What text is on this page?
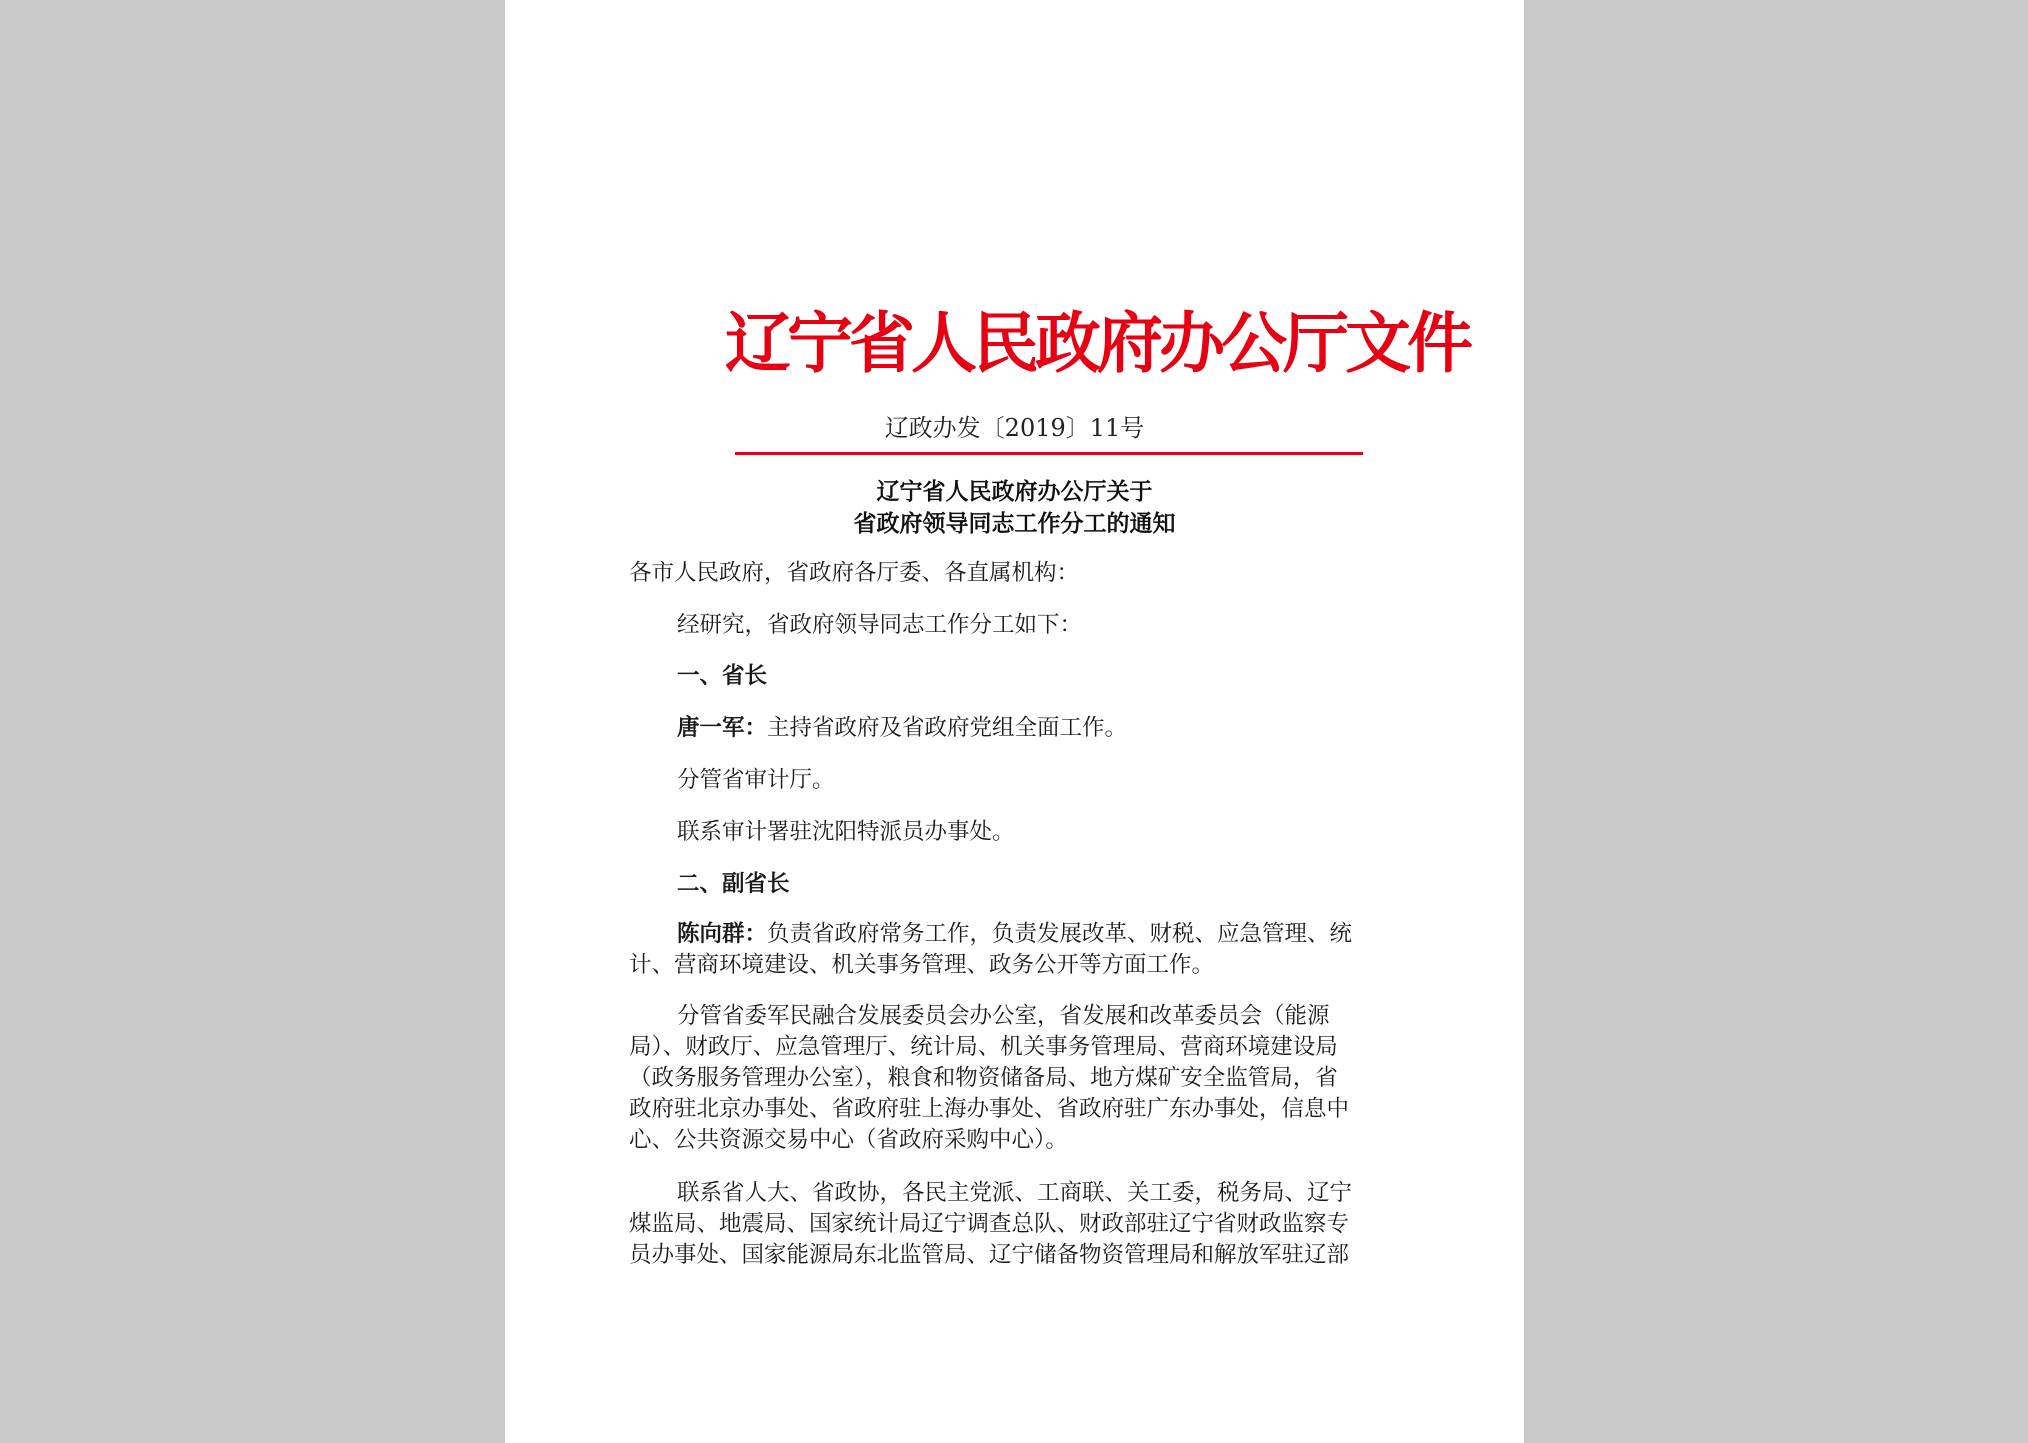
辽宁省人民政府办公厅文件
辽政办发〔2019〕11号
辽宁省人民政府办公厅关于
省政府领导同志工作分工的通知
各市人民政府，省政府各厅委、各直属机构：
经研究，省政府领导同志工作分工如下：
一、省长
唐一军：主持省政府及省政府党组全面工作。
分管省审计厅。
联系审计署驻沈阳特派员办事处。
二、副省长
陈向群：负责省政府常务工作，负责发展改革、财税、应急管理、统
计、营商环境建设、机关事务管理、政务公开等方面工作。
分管省委军民融合发展委员会办公室，省发展和改革委员会（能源
局）、财政厅、应急管理厅、统计局、机关事务管理局、营商环境建设局
（政务服务管理办公室），粮食和物资储备局、地方煤矿安全监管局，省
政府驻北京办事处、省政府驻上海办事处、省政府驻广东办事处，信息中
心、公共资源交易中心（省政府采购中心）。
联系省人大、省政协，各民主党派、工商联、关工委，税务局、辽宁
煤监局、地震局、国家统计局辽宁调查总队、财政部驻辽宁省财政监察专
员办事处、国家能源局东北监管局、辽宁储备物资管理局和解放军驻辽部
